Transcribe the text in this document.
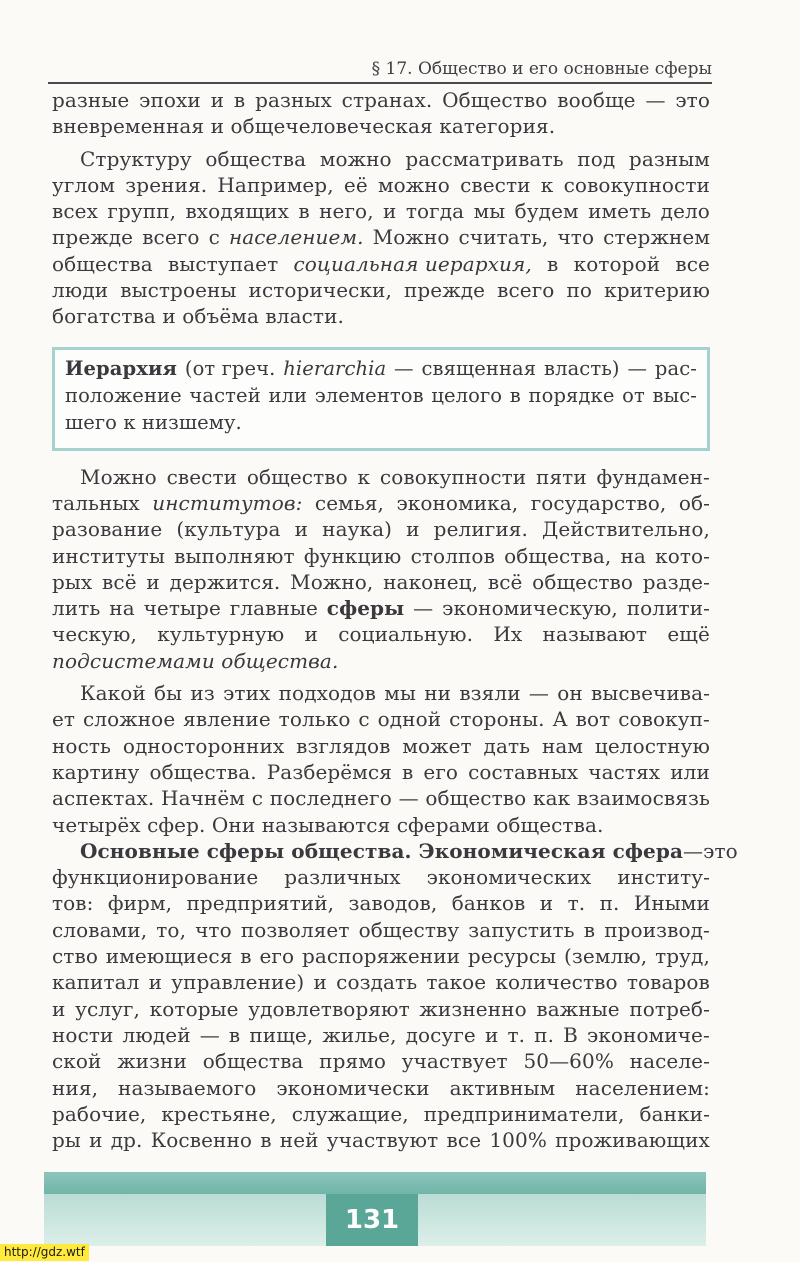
§ 17. Общество и его основные сферы
разные эпохи и в разных странах. Общество вообще — это
вневременная и общечеловеческая категория.
Структуру общества можно рассматривать под разным
углом зрения. Например, её можно свести к совокупности
всех групп, входящих в него, и тогда мы будем иметь дело
прежде всего с населением. Можно считать, что стержнем
общества выступает социальная иерархия, в которой все
люди выстроены исторически, прежде всего по критерию
богатства и объёма власти.
Иерархия (от греч. hierarchia — священная власть) — рас-
положение частей или элементов целого в порядке от выс-
шего к низшему.
Можно свести общество к совокупности пяти фундамен-
тальных институтов: семья, экономика, государство, об-
разование (культура и наука) и религия. Действительно,
институты выполняют функцию столпов общества, на кото-
рых всё и держится. Можно, наконец, всё общество разде-
лить на четыре главные сферы — экономическую, полити-
ческую, культурную и социальную. Их называют ещё
подсистемами общества.
Какой бы из этих подходов мы ни взяли — он высвечива-
ет сложное явление только с одной стороны. А вот совокуп-
ность односторонних взглядов может дать нам целостную
картину общества. Разберёмся в его составных частях или
аспектах. Начнём с последнего — общество как взаимосвязь
четырёх сфер. Они называются сферами общества.
Основные сферы общества. Экономическая сфера — это
функционирование различных экономических институ-
тов: фирм, предприятий, заводов, банков и т. п. Иными
словами, то, что позволяет обществу запустить в производ-
ство имеющиеся в его распоряжении ресурсы (землю, труд,
капитал и управление) и создать такое количество товаров
и услуг, которые удовлетворяют жизненно важные потреб-
ности людей — в пище, жилье, досуге и т. п. В экономиче-
ской жизни общества прямо участвует 50—60% населе-
ния, называемого экономически активным населением:
рабочие, крестьяне, служащие, предприниматели, банки-
ры и др. Косвенно в ней участвуют все 100% проживающих
131
http://gdz.wtf
